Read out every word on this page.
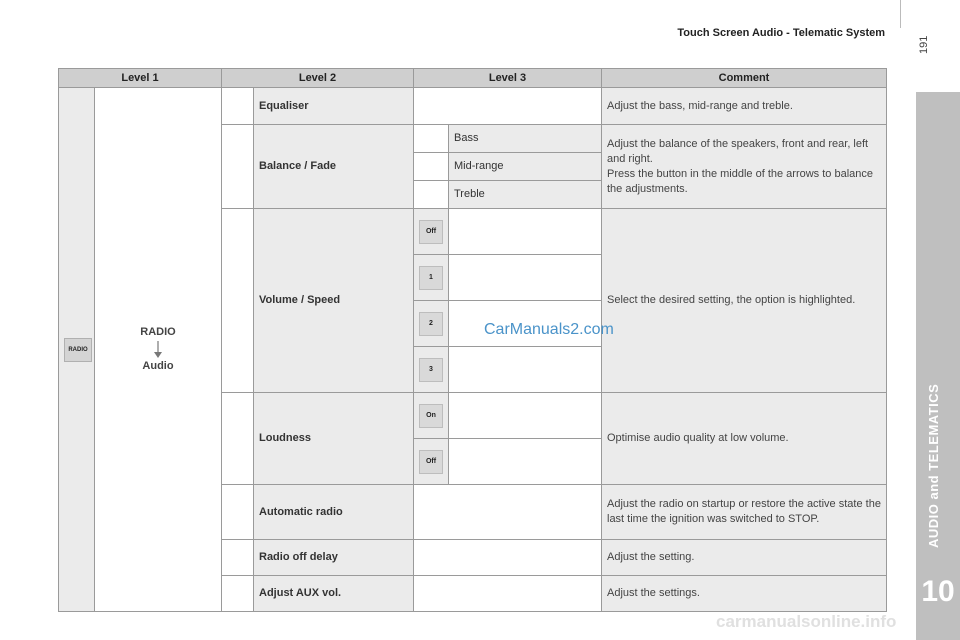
Touch Screen Audio - Telematic System
191
AUDIO and TELEMATICS
10
Level 1		Level 2		Level 3		Comment
RADIO	RADIO
Audio		Equaliser			Adjust the bass, mid-range and treble.
			Balance / Fade		Bass	Adjust the balance of the speakers, front and rear, left and right.
Press the button in the middle of the arrows to balance the adjustments.
					Mid-range	
					Treble	
			Volume / Speed	Off		Select the desired setting, the option is highlighted.
				1		
				2		
				3		
			Loudness	On		Optimise audio quality at low volume.
				Off		
			Automatic radio			Adjust the radio on startup or restore the active state the last time the ignition was switched to STOP.
			Radio off delay			Adjust the setting.
			Adjust AUX vol.			Adjust the settings.
CarManuals2.com
carmanualsonline.info
